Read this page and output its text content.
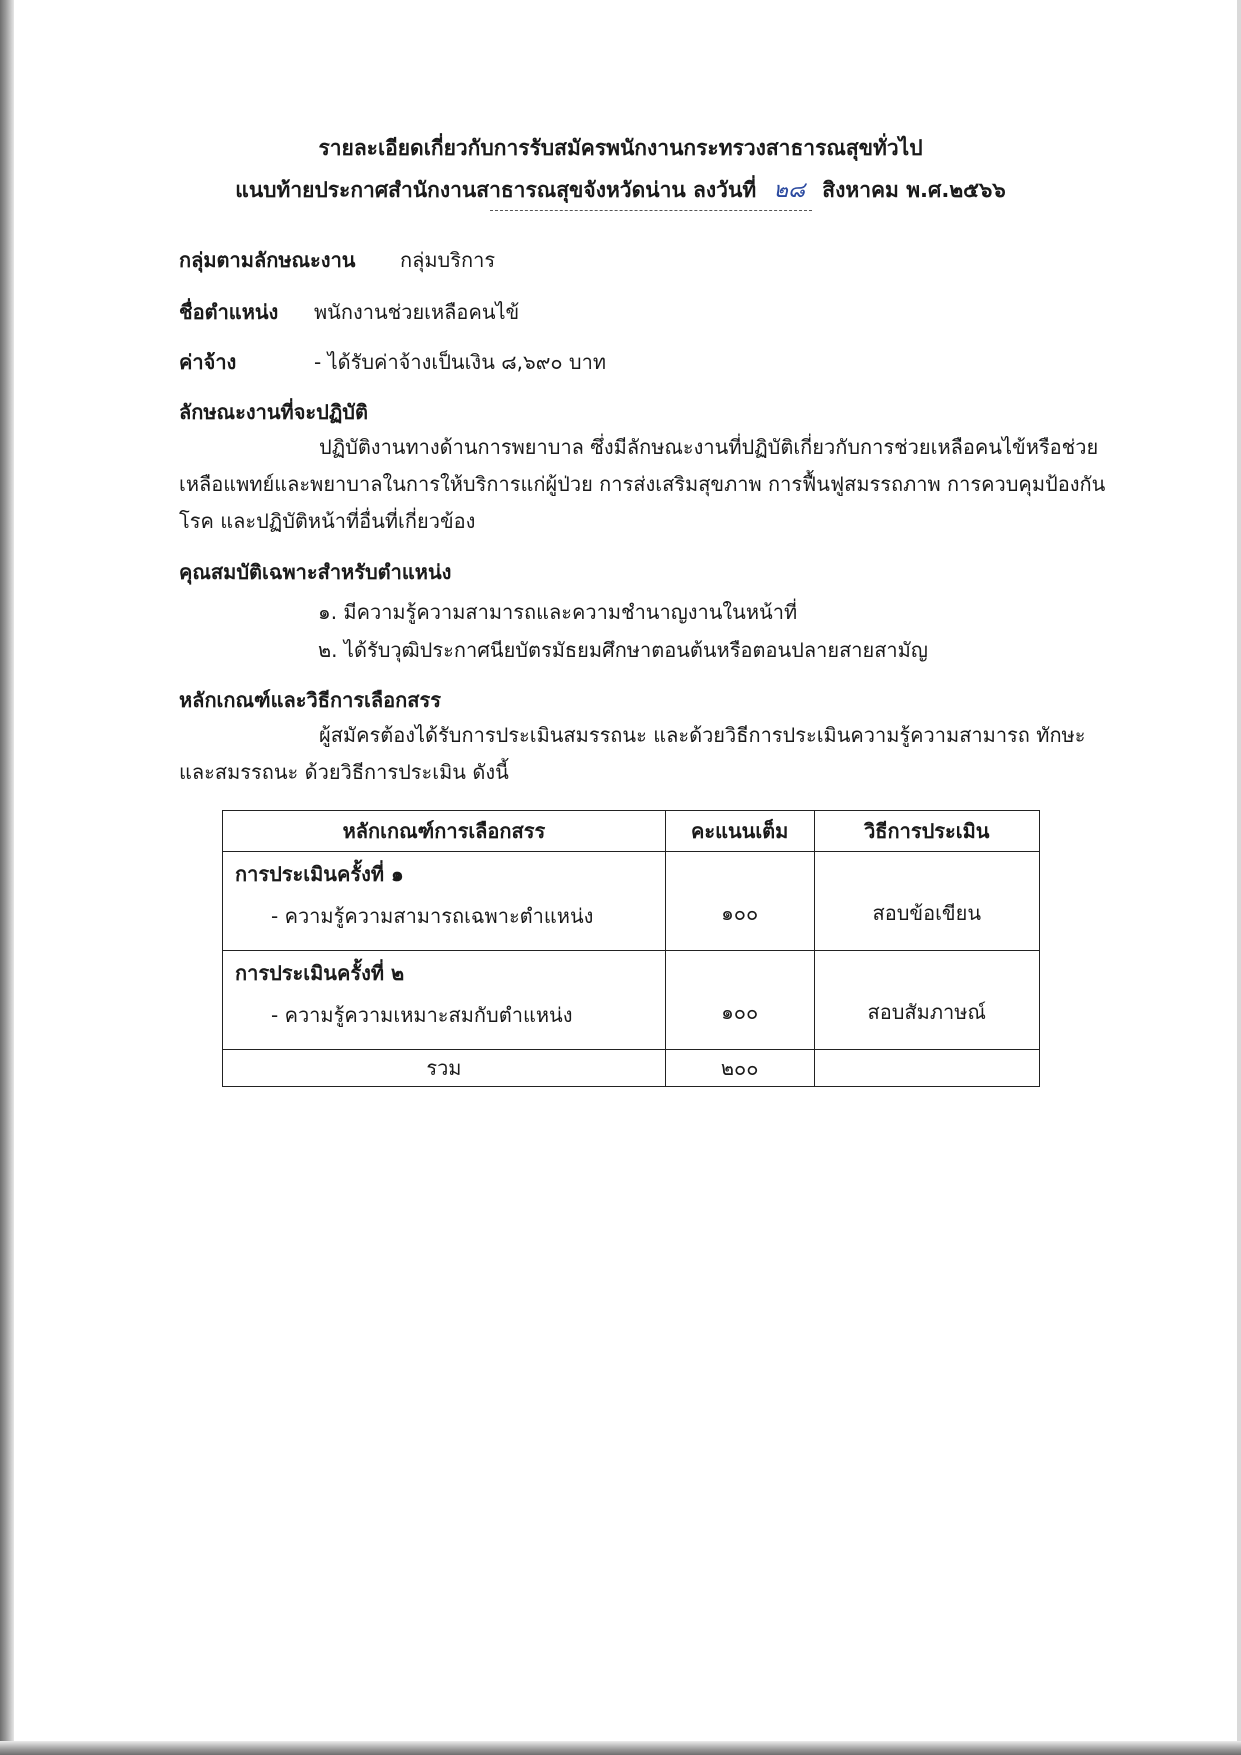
รายละเอียดเกี่ยวกับการรับสมัครพนักงานกระทรวงสาธารณสุขทั่วไป
แนบท้ายประกาศสำนักงานสาธารณสุขจังหวัดน่าน ลงวันที่ ๒๘ สิงหาคม พ.ศ.๒๕๖๖
กลุ่มตามลักษณะงาน กลุ่มบริการ
ชื่อตำแหน่ง พนักงานช่วยเหลือคนไข้
ค่าจ้าง	- ได้รับค่าจ้างเป็นเงิน ๘,๖๙๐ บาท
ลักษณะงานที่จะปฏิบัติ
ปฏิบัติงานทางด้านการพยาบาล ซึ่งมีลักษณะงานที่ปฏิบัติเกี่ยวกับการช่วยเหลือคนไข้หรือช่วยเหลือแพทย์และพยาบาลในการให้บริการแก่ผู้ป่วย การส่งเสริมสุขภาพ การฟื้นฟูสมรรถภาพ การควบคุมป้องกันโรค และปฏิบัติหน้าที่อื่นที่เกี่ยวข้อง
คุณสมบัติเฉพาะสำหรับตำแหน่ง
๑. มีความรู้ความสามารถและความชำนาญงานในหน้าที่
๒. ได้รับวุฒิประกาศนียบัตรมัธยมศึกษาตอนต้นหรือตอนปลายสายสามัญ
หลักเกณฑ์และวิธีการเลือกสรร
ผู้สมัครต้องได้รับการประเมินสมรรถนะ และด้วยวิธีการประเมินความรู้ความสามารถ ทักษะและสมรรถนะ ด้วยวิธีการประเมิน ดังนี้
หลักเกณฑ์การเลือกสรร	คะแนนเต็ม	วิธีการประเมิน

การประเมินครั้งที่ ๑
- ความรู้ความสามารถเฉพาะตำแหน่ง	๑๐๐	สอบข้อเขียน

การประเมินครั้งที่ ๒
- ความรู้ความเหมาะสมกับตำแหน่ง	๑๐๐	สอบสัมภาษณ์
รวม	๒๐๐	
